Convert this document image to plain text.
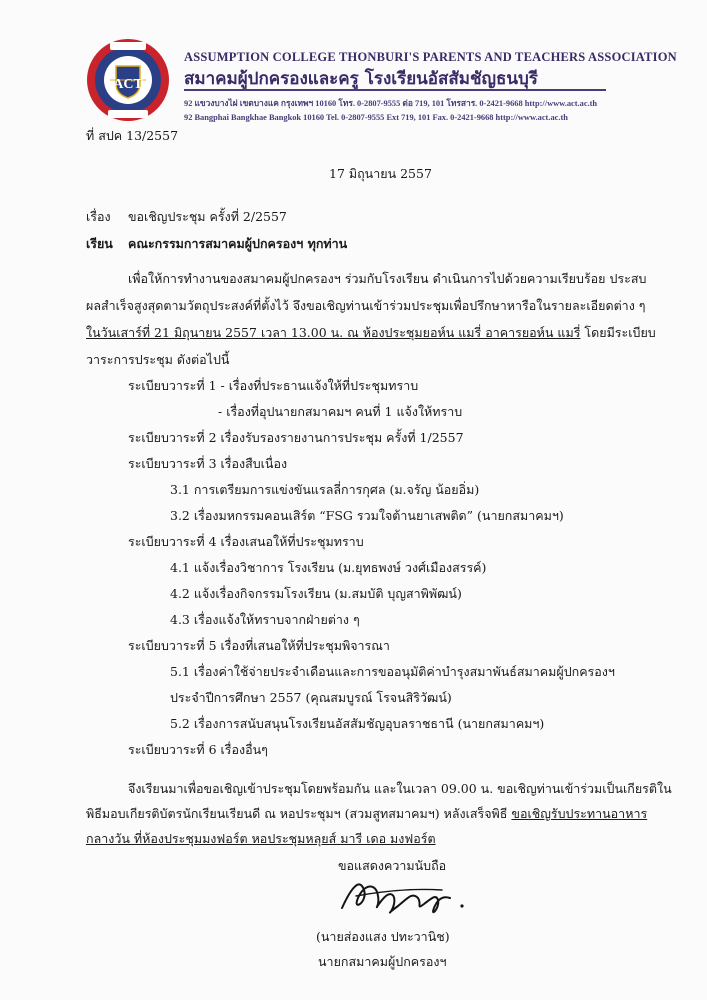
ACT
ASSUMPTION COLLEGE THONBURI'S PARENTS AND TEACHERS ASSOCIATION
สมาคมผู้ปกครองและครู โรงเรียนอัสสัมชัญธนบุรี
92 แขวงบางไผ่ เขตบางแค กรุงเทพฯ 10160 โทร. 0-2807-9555 ต่อ 719, 101 โทรสาร. 0-2421-9668 http://www.act.ac.th
92 Bangphai Bangkhae Bangkok 10160 Tel. 0-2807-9555 Ext 719, 101 Fax. 0-2421-9668 http://www.act.ac.th
ที่ สปค 13/2557
17 มิถุนายน 2557
เรื่อง ขอเชิญประชุม ครั้งที่ 2/2557
เรียน คณะกรรมการสมาคมผู้ปกครองฯ ทุกท่าน
เพื่อให้การทำงานของสมาคมผู้ปกครองฯ ร่วมกับโรงเรียน ดำเนินการไปด้วยความเรียบร้อย ประสบ
ผลสำเร็จสูงสุดตามวัตถุประสงค์ที่ตั้งไว้ จึงขอเชิญท่านเข้าร่วมประชุมเพื่อปรึกษาหารือในรายละเอียดต่าง ๆ
ในวันเสาร์ที่ 21 มิถุนายน 2557 เวลา 13.00 น. ณ ห้องประชุมยอห์น แมรี่ อาคารยอห์น แมรี่ โดยมีระเบียบ
วาระการประชุม ดังต่อไปนี้
ระเบียบวาระที่ 1 - เรื่องที่ประธานแจ้งให้ที่ประชุมทราบ
- เรื่องที่อุปนายกสมาคมฯ คนที่ 1 แจ้งให้ทราบ
ระเบียบวาระที่ 2 เรื่องรับรองรายงานการประชุม ครั้งที่ 1/2557
ระเบียบวาระที่ 3 เรื่องสืบเนื่อง
3.1 การเตรียมการแข่งขันแรลลี่การกุศล (ม.จรัญ น้อยอิ่ม)
3.2 เรื่องมหกรรมคอนเสิร์ต “FSG รวมใจต้านยาเสพติด” (นายกสมาคมฯ)
ระเบียบวาระที่ 4 เรื่องเสนอให้ที่ประชุมทราบ
4.1 แจ้งเรื่องวิชาการ โรงเรียน (ม.ยุทธพงษ์ วงศ์เมืองสรรค์)
4.2 แจ้งเรื่องกิจกรรมโรงเรียน (ม.สมบัติ บุญสาพิพัฒน์)
4.3 เรื่องแจ้งให้ทราบจากฝ่ายต่าง ๆ
ระเบียบวาระที่ 5 เรื่องที่เสนอให้ที่ประชุมพิจารณา
5.1 เรื่องค่าใช้จ่ายประจำเดือนและการขออนุมัติค่าบำรุงสมาพันธ์สมาคมผู้ปกครองฯ
ประจำปีการศึกษา 2557 (คุณสมบูรณ์ โรจนสิริวัฒน์)
5.2 เรื่องการสนับสนุนโรงเรียนอัสสัมชัญอุบลราชธานี (นายกสมาคมฯ)
ระเบียบวาระที่ 6 เรื่องอื่นๆ
จึงเรียนมาเพื่อขอเชิญเข้าประชุมโดยพร้อมกัน และในเวลา 09.00 น. ขอเชิญท่านเข้าร่วมเป็นเกียรติใน
พิธีมอบเกียรติบัตรนักเรียนเรียนดี ณ หอประชุมฯ (สวมสูทสมาคมฯ) หลังเสร็จพิธี ขอเชิญรับประทานอาหาร
กลางวัน ที่ห้องประชุมมงฟอร์ต หอประชุมหลุยส์ มารี เดอ มงฟอร์ต
ขอแสดงความนับถือ
(นายส่องแสง ปทะวานิช)
นายกสมาคมผู้ปกครองฯ
